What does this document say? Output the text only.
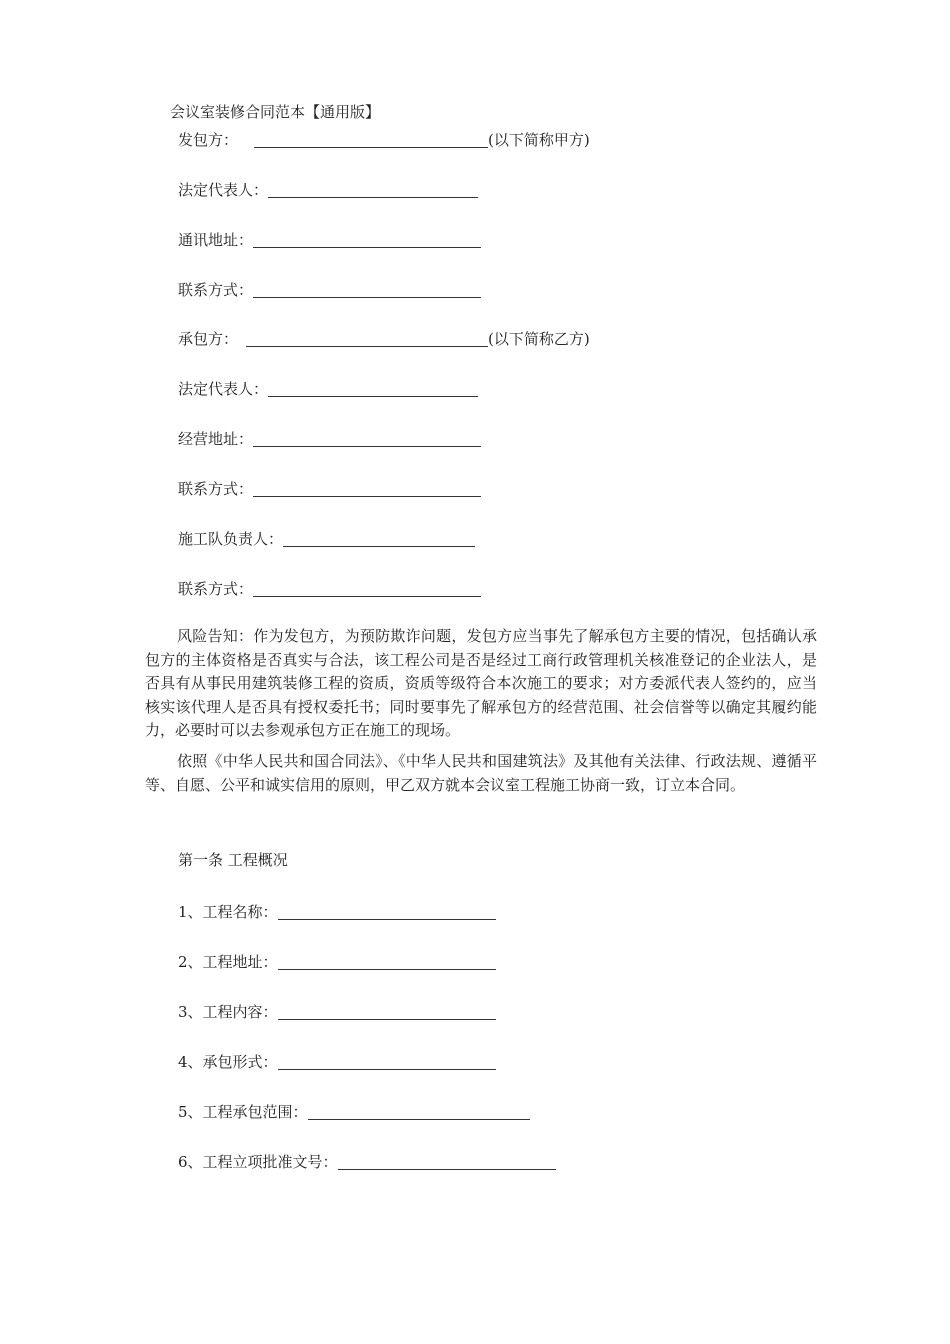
会议室装修合同范本【通用版】
发包方：	(以下简称甲方)
法定代表人：
通讯地址：
联系方式：
承包方：	(以下简称乙方)
法定代表人：
经营地址：
联系方式：
施工队负责人：
联系方式：

风险告知：作为发包方，为预防欺诈问题，发包方应当事先了解承包方主要的情况，包括确认承包方的主体资格是否真实与合法，该工程公司是否是经过工商行政管理机关核准登记的企业法人，是否具有从事民用建筑装修工程的资质，资质等级符合本次施工的要求；对方委派代表人签约的，应当核实该代理人是否具有授权委托书；同时要事先了解承包方的经营范围、社会信誉等以确定其履约能力，必要时可以去参观承包方正在施工的现场。

依照《中华人民共和国合同法》、《中华人民共和国建筑法》及其他有关法律、行政法规、遵循平等、自愿、公平和诚实信用的原则，甲乙双方就本会议室工程施工协商一致，订立本合同。

第一条 工程概况
1、工程名称：
2、工程地址：
3、工程内容：
4、承包形式：
5、工程承包范围：
6、工程立项批准文号：
